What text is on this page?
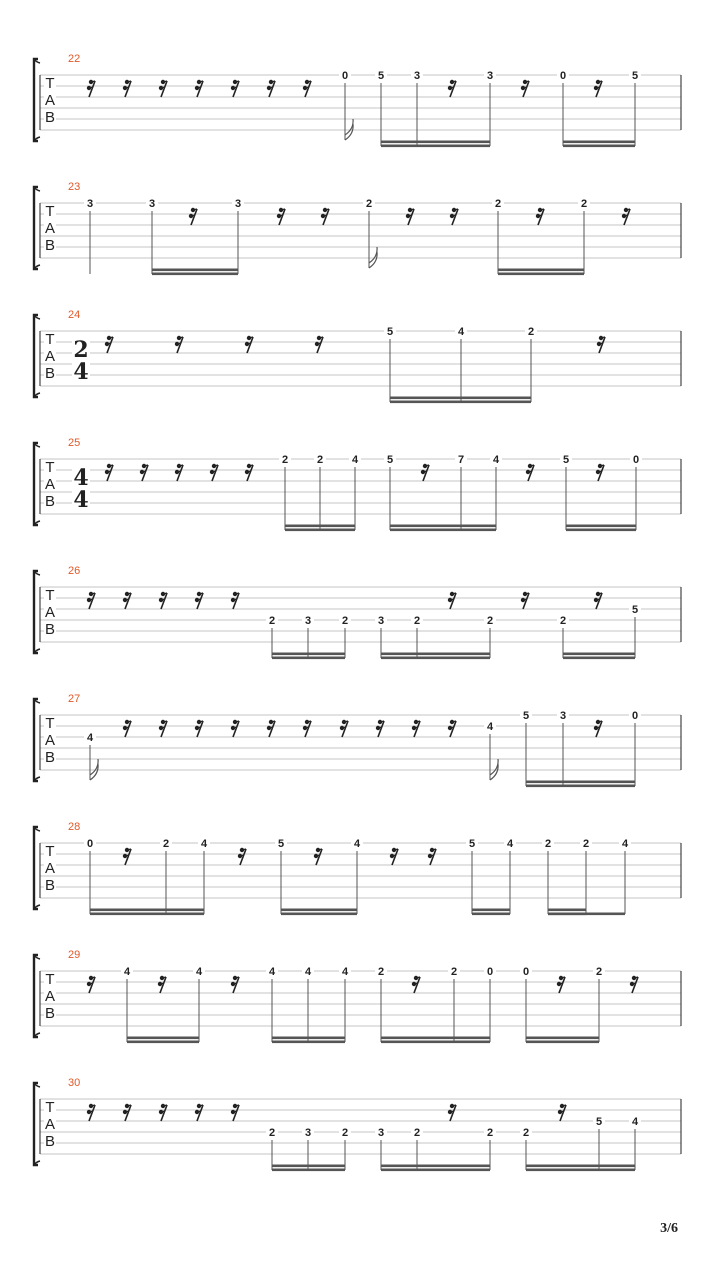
T
A
B
22
0	5	3	3	0	5
T
A
B
23
3	3	3	2	2	2
T
A
B
24
2
4
5	4	2
T
A
B
25
4
4
2	2	4	5	7	4	5	0
T
A
B
26
2	3	2	3	2	2	2
5
T
A
B
27
4
4
5	3	0
T
A
B
28
0	2	4	5	4	5	4	2	2	4
T
A
B
29
4	4	4	4	4	2	2	0	0	2
T
A
B
30
2	3	2	3	2	2	2
5	4
3/6
